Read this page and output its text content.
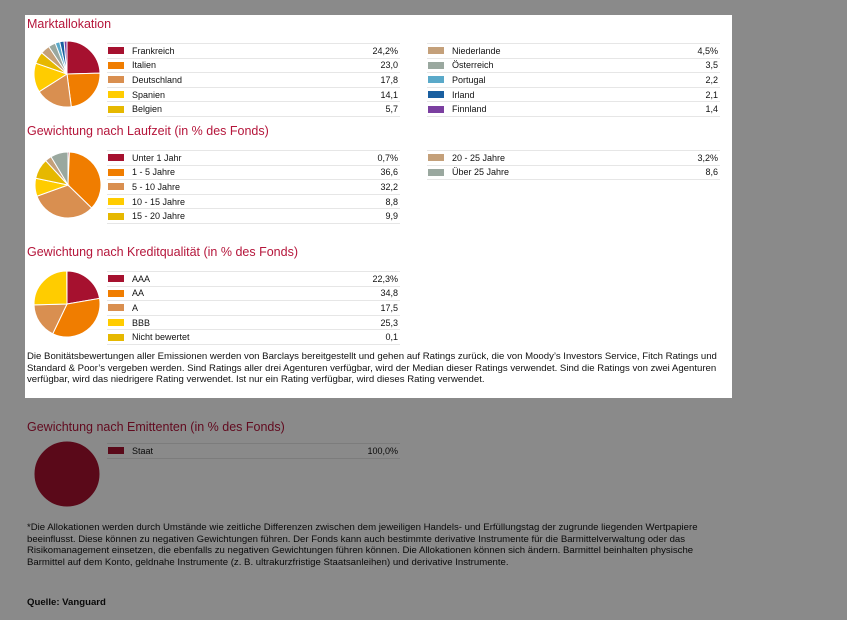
Marktallokation
Frankreich	24,2%
Italien	23,0
Deutschland	17,8
Spanien	14,1
Belgien	5,7
Niederlande	4,5%
Österreich	3,5
Portugal	2,2
Irland	2,1
Finnland	1,4
Gewichtung nach Laufzeit (in % des Fonds)
Unter 1 Jahr	0,7%
1 - 5 Jahre	36,6
5 - 10 Jahre	32,2
10 - 15 Jahre	8,8
15 - 20 Jahre	9,9
20 - 25 Jahre	3,2%
Über 25 Jahre	8,6
Gewichtung nach Kreditqualität (in % des Fonds)
AAA	22,3%
AA	34,8
A	17,5
BBB	25,3
Nicht bewertet	0,1
Die Bonitätsbewertungen aller Emissionen werden von Barclays bereitgestellt und gehen auf Ratings zurück, die von Moody’s Investors Service, Fitch Ratings und Standard & Poor’s vergeben werden. Sind Ratings aller drei Agenturen verfügbar, wird der Median dieser Ratings verwendet. Sind die Ratings von zwei Agenturen verfügbar, wird das niedrigere Rating verwendet. Ist nur ein Rating verfügbar, wird dieses Rating verwendet.
Gewichtung nach Emittenten (in % des Fonds)
Staat	100,0%
*Die Allokationen werden durch Umstände wie zeitliche Differenzen zwischen dem jeweiligen Handels- und Erfüllungstag der zugrunde liegenden Wertpapiere beeinflusst. Diese können zu negativen Gewichtungen führen. Der Fonds kann auch bestimmte derivative Instrumente für die Barmittelverwaltung oder das Risikomanagement einsetzen, die ebenfalls zu negativen Gewichtungen führen können. Die Allokationen können sich ändern. Barmittel beinhalten physische Barmittel auf dem Konto, geldnahe Instrumente (z. B. ultrakurzfristige Staatsanleihen) und derivative Instrumente.
Quelle: Vanguard
